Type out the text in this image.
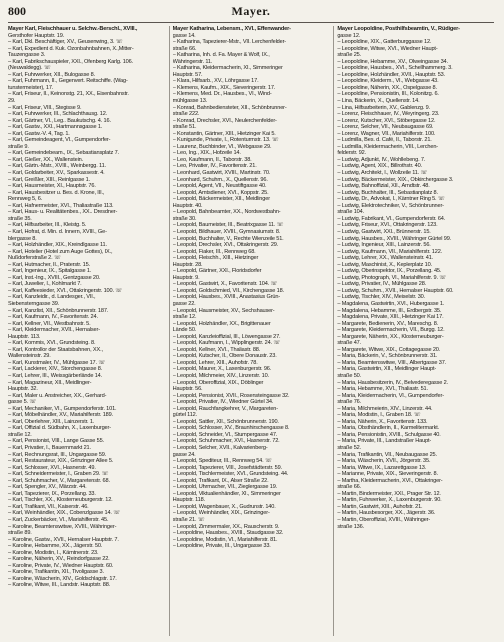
800	Mayer.
Mayer Karl, Fleischhauer u. Selchw.-Berschl., XVIII.,
Gersthofer Hauptstr. 19.
– Karl, Dkl. Beschäftiger, XV., Geusenwing, 3. ☏
– Karl, Expedient d. Kuk. Ozonbahnbahnen, X.,Mitter-
Tauzengasse 3.
– Karl, Fabrikschauspieler, XXI., Ofenberg Karlg. 106.
(Neuwaldegg). ☏
– Karl, Fuhrwerker, XII., Bulogasse 8.
– Karl, Fuhrmann, II., Gegenvert. Reitschiffe. (Wag-
tunstermeister), 17.
– Karl, Friseur, II., Keinonstg. 21, XX., Eisenbahnstr.
29.
– Karl, Friseur, VIII., Stegisse 9.
– Karl, Fuhrwerker, III., Schlachthausg. 12.
– Karl, Gärtner, VI., Leg.. Baukutschg. 4. 16.
– Karl, Gastw., XXI., Hartmannsgasse 1.
– Karl, Gastw.-V. 4, Tag. 1.
– Karl, Gemeindeagent, VI., Gumpendorfer-
straße 9.
– Karl, Gemeindebeam., IX., Sebastiansplatz 7.
– Karl, Gießer, XX., Wallenstein.
– Karl, Gärtn.-Mstr., XVIII., Weinbergg. 11.
– Karl, Goldarbeiter, XV., Sparkassestr. 4.
– Karl, Greißler, XIII., Reinlgasse 1.
– Karl, Hausmeister, XI., Hauptstr. 76.
– Karl, Hausbesitzer u. Bes. d. Krone, III.,
Rennweg 5, 6.
– Karl, Hafnermeister, XVI., Thaliastraße 113.
– Karl, Haus- u. Realitätenbes., XX.. Dresdner-
straße 35.
– Karl, Hilfsarbeiter, III., Kleistg. 5.
– Karl, Hofrat, d. Min. d. Innern, XVIII., Ge-
blergasse 8.
– Karl, Holzhändler, XIX., Kreindlgasse 11.
– Karl, Hotelier (Hotel zum Auge Gottes), IX.,
Nußdorferstraße 2. ☏
– Karl, Hutmacher, II., Praterstr. 15.
– Karl, Ingenieur, IX., Spitalgasse 1.
– Karl, Inst.-Ing., XVIII., Gentzgasse 20.
– Karl, Juwelier, I., Kohlmarkt 7.
– Karl, Kaffeesieder, XVI., Ottakringerstr. 100. ☏
– Karl, Kanzleidir., d. Landesger., VII.,
Siebensterngasse 39.
– Karl, Kanzlist, XII., Schönbrunnerstr. 187.
– Karl, Kaufmann, IV., Favoritenstr. 24.
– Karl, Kellner, VII., Westbahnstr. 5.
– Karl, Kleidermacher, XVII., Hernalser-
Hauptstr. 113.
– Karl, Kommis, XVI., Grundsteing. 8.
– Karl, Kontrollor der Staatsbahnen, XX.,
Wallensteinstr. 29.
– Karl, Kunstmaler, IV., Mühlgasse 17. ☏
– Karl, Lackierer, XIV., Storchengasse 8.
– Karl, Lehrer, III., Weissgärberlände 14.
– Karl, Magazineur, XII., Meidlinger-
Hauptstr. 32.
– Karl, Maler u. Anstreicher, XX., Gerhard-
gasse 5. ☏
– Karl, Mechaniker, VI., Gumpendorferstr. 101.
– Karl, Möbelhändler, XV., Mariahilferstr. 189.
– Karl, Oberlehrer, XIII., Lainzerstr. 1.
– Karl, Offizial d. Südbahn, X., Laxenburger-
straße 12.
– Karl, Pensionist, VIII., Lange Gasse 55.
– Karl, Privatier, I., Bauernmarkt 21.
– Karl, Rechnungsrat, III., Ungargasse 59.
– Karl, Restaurateur, XIX., Grinzinger Allee 5.
– Karl, Schlosser, XVI., Hasnerstr. 49.
– Karl, Schneidermeister, I., Graben 29. ☏
– Karl, Schuhmacher, V., Margaretenstr. 68.
– Karl, Spengler, XV., Märzstr. 44.
– Karl, Tapezierer, IX., Porzellang. 33.
– Karl, Tischler, XX., Klosterneuburgerstr. 12.
– Karl, Trafikant, VII., Kaiserstr. 46.
– Karl, Weinhändler, XIX., Cobenzlgasse 14. ☏
– Karl, Zuckerbäcker, VI., Mariahilferstr. 45.
– Karoline, Beamtenswitwe, XVIII., Währinger-
straße 89.
– Karoline, Gastw., XVII., Hernalser Hauptstr. 7.
– Karoline, Hebamme, XX., Jägerstr. 50.
– Karoline, Modistin, I., Kärntnerstr. 23.
– Karoline, Näherin, XV., Reindorfgasse 22.
– Karoline, Private, IV., Wiedner Hauptstr. 60.
– Karoline, Trafikantin, XII., Tivoligasse 3.
– Karoline, Wäscherin, XIV., Goldschlagstr. 17.
– Karoline, Witwe, III., Landstr. Hauptstr. 88.
Mayer Katharina, Lebensm., XVI., Effenwander-
gasse 14.
– Katharina, Tapezierer-Mstr., VII. Lerchenfelder-
straße 66.
– Katharina, Inh. d. Fa. Mayer & Wolf, IX.,
Währingerstr. 11.
– Katharina, Kleidermacherin, XI., Simmeringer
Hauptstr. 57.
– Klara, Hilfsarb., XV., Löhrgasse 17.
– Klemens, Kaufm., XIX., Sieveringerstr. 17.
– Klemens, Med. Dr., Hausbes., VI., Wind-
mühlgasse 13.
– Konrad, Bahnbediensteter, XII., Schönbrunner-
straße 222.
– Konrad, Drechsler, XVI., Neulerchenfelder-
straße 51.
– Konstantin, Gärtner, XIII., Hietzinger Kai 5.
– Kunigunde, Private, I., Rotenturmstr. 13. ☏
– Laurenz, Buchbinder, VI., Webgasse 29.
– Leo, Ing., XIX., Hofzeile 14.
– Leo, Kaufmann, II., Taborstr. 38.
– Leo, Privatier, IV., Favoritenstr. 21.
– Leonhard, Gastwirt, XVIII., Martinstr. 70.
– Leonhard, Schuhm., X., Quellenstr. 96.
– Leopold, Agent, VII., Neustiftgasse 40.
– Leopold, Amtsdiener, XVI., Koppstr. 25.
– Leopold, Bäckermeister, XII., Meidlinger
Hauptstr. 40.
– Leopold, Bahnbeamter, XX., Nordwestbahn-
straße 30.
– Leopold, Baumeister, III., Beatrixgasse 11. ☏
– Leopold, Bildhauer, XVIII., Gymnasiumstr. 8.
– Leopold, Buchhalter, V., Rechte Wienzeile 51.
– Leopold, Drechsler, XVI., Ottakringerstr. 29.
– Leopold, Fiaker, III., Rennweg 68.
– Leopold, Fleischh., XIII., Hietzinger
Hauptstr. 28.
– Leopold, Gärtner, XXI., Floridsdorfer
Hauptstr. 9.
– Leopold, Gastwirt, X., Favoritenstr. 104. ☏
– Leopold, Goldschmied, VII., Kirchengasse 18.
– Leopold, Hausbes., XVIII., Anastasius Grün-
gasse 22.
– Leopold, Hausmeister, XV., Sechshauser-
straße 12.
– Leopold, Holzhändler, XX., Brigittenauer
Lände 50.
– Leopold, Kanzleioffizial, III., Löwengasse 27.
– Leopold, Kaufmann, I., Wipplingerstr. 24. ☏
– Leopold, Kellner, XVI., Thaliastr. 88.
– Leopold, Kutscher, II., Obere Donaustr. 23.
– Leopold, Lehrer, XIII., Auhofstr. 78.
– Leopold, Maurer, X., Laxenburgerstr. 96.
– Leopold, Milchmeier, XIV., Linzerstr. 10.
– Leopold, Oberoffizial, XIX., Döblinger
Hauptstr. 56.
– Leopold, Pensionist, XVII., Rosensteingasse 32.
– Leopold, Privatier, IV., Wiedner Gürtel 34.
– Leopold, Rauchfangkehrer, V., Margareten-
gürtel 112.
– Leopold, Sattler, XII., Schönbrunnerstr. 190.
– Leopold, Schlosser, XV., Braunhirschengasse 8.
– Leopold, Schneider, VI., Stumpergasse 47.
– Leopold, Schuhmacher, XVI., Hasnerstr. 72.
– Leopold, Selcher, XVII., Kalvarienberg-
gasse 24.
– Leopold, Spediteur, III., Rennweg 54. ☏
– Leopold, Tapezierer, VIII., Josefstädterstr. 59.
– Leopold, Tischlermeister, XVI., Grundsteing. 44.
– Leopold, Trafikant, IX., Alser Straße 22.
– Leopold, Uhrmacher, VII., Zieglergasse 19.
– Leopold, Viktualienhändler, XI., Simmeringer
Hauptstr. 118.
– Leopold, Wagenbauer, X., Gudrunstr. 140.
– Leopold, Weinhändler, XIX., Grinzinger-
straße 21. ☏
– Leopold, Zimmermaler, XX., Rauscherstr. 9.
– Leopoldine, Hausbes., XVIII., Staudgasse 32.
– Leopoldine, Modistin, VI., Mariahilferstr. 81.
– Leopoldine, Private, III., Ungargasse 33.
Mayer Leopoldine, Posthilfsbeamtin, V., Rüdiger-
gasse 12.
– Leopoldine, XIX., Gatterburggasse 12.
– Leopoldine, Witwe, XVI., Wiedner Haupt-
straße 25.
– Leopoldine, Hebamme, XV., Ölweingasse 34.
– Leopoldine, Hausbes., XVI., Schellhammerg. 3.
– Leopoldine, Holzhändler, XVII., Hauptstr. 53.
– Leopoldine, Kleiderm., VI., Webgasse 43.
– Leopoldine, Näherin, XX., Ospelgasse 8.
– Leopoldine, Pensionistin, III., Kolonitzg. 6.
– Lina, Bäckerin, X., Quellenstr. 14.
– Lina, Hilfsarbeiterin, XV., Gablenzg. 9.
– Lorenz, Fleischhauer, IV., Weyringerg. 23.
– Lorenz, Kutscher, XVI., Stöbergasse 12.
– Lorenz, Selcher, VII., Neubaugasse 69.
– Lorenz, Wagner, VII., Mariahilferstr. 100.
– Ludmilla, Bes. d. Café, II., Taborstr. 21.
– Ludmilla, Kleidermacherin, VIII., Lerchen-
felderstr. 92.
– Ludwig, Adjunkt, IV., Wohllebeng. 7.
– Ludwig, Agent, XIX., Billrothstr. 40.
– Ludwig, Architekt, I., Wollzeile 11. ☏
– Ludwig, Bäckermeister, XIX., Obkirchergasse 3.
– Ludwig, Bahnoffizial, XII., Arndtstr. 48.
– Ludwig, Buchhalter, III., Sebastianplatz 8.
– Ludwig, Dr., Advokat, I., Kärntner Ring 5. ☏
– Ludwig, Elektrotechniker, V., Schönbrunner-
straße 104.
– Ludwig, Fabrikant, VI., Gumpendorferstr. 64.
– Ludwig, Friseur, XVI., Ottakringerstr. 123.
– Ludwig, Gastwirt, XXI., Brünnerstr. 15.
– Ludwig, Hausbes., XVIII., Währinger Gürtel 99.
– Ludwig, Ingenieur, XIII., Lainzerstr. 56.
– Ludwig, Kaufmann, VII., Mariahilferstr. 122.
– Ludwig, Lehrer, XX., Wallensteinstr. 41.
– Ludwig, Maschinist, X., Keplerplatz 10.
– Ludwig, Oberinspektor, IX., Porzellang. 45.
– Ludwig, Photograph, VI., Mariahilferstr. 9. ☏
– Ludwig, Privatier, IV., Mühlgasse 28.
– Ludwig, Schuhm., XVII., Hernalser Hauptstr. 60.
– Ludwig, Tischler, XIV., Meiselstr. 30.
– Magdalena, Gastwirtin, XVI., Hubergasse 1.
– Magdalena, Hebamme, III., Erdbergstr. 35.
– Magdalena, Private, XIII., Hietzinger Kai 17.
– Margarete, Bedienerin, XV., Mareschg. 8.
– Margarete, Kleidermacherin, VII., Burgg. 12.
– Margarete, Näherin, XX., Klosterneuburger-
straße 47.
– Margarete, Witwe, XIX., Cottagegasse 20.
– Maria, Bäckerin, V., Schönbrunnerstr. 31.
– Maria, Beamtenswitwe, VIII., Albertgasse 37.
– Maria, Gastwirtin, XII., Meidlinger Haupt-
straße 50.
– Maria, Hausbesitzerin, IV., Belvederegasse 2.
– Maria, Hebamme, XVI., Thaliastr. 51.
– Maria, Kleidermacherin, VI., Gumpendorfer-
straße 76.
– Maria, Milchmeierin, XIV., Linzerstr. 44.
– Maria, Modistin, I., Graben 18. ☏
– Maria, Näherin, X., Favoritenstr. 133.
– Maria, Obsthändlerin, II., Karmelitermarkt.
– Maria, Pensionistin, XVIII., Schulgasse 40.
– Maria, Private, III., Landstraßer Haupt-
straße 52.
– Maria, Trafikantin, VII., Neubaugasse 25.
– Maria, Wäscherin, XVII., Jörgerstr. 35.
– Maria, Witwe, IX., Lazarettgasse 13.
– Marianne, Private, XIX., Sieveringerstr. 8.
– Martha, Kleidermacherin, XVI., Ottakringer-
straße 66.
– Martin, Bindermeister, XXI., Prager Str. 12.
– Martin, Fuhrwerker, X., Laxenburgerstr. 90.
– Martin, Gastwirt, XIII., Auhofstr. 21.
– Martin, Hausbesorger, XX., Jägerstr. 36.
– Martin, Oberoffizial, XVIII., Währinger-
straße 136.
